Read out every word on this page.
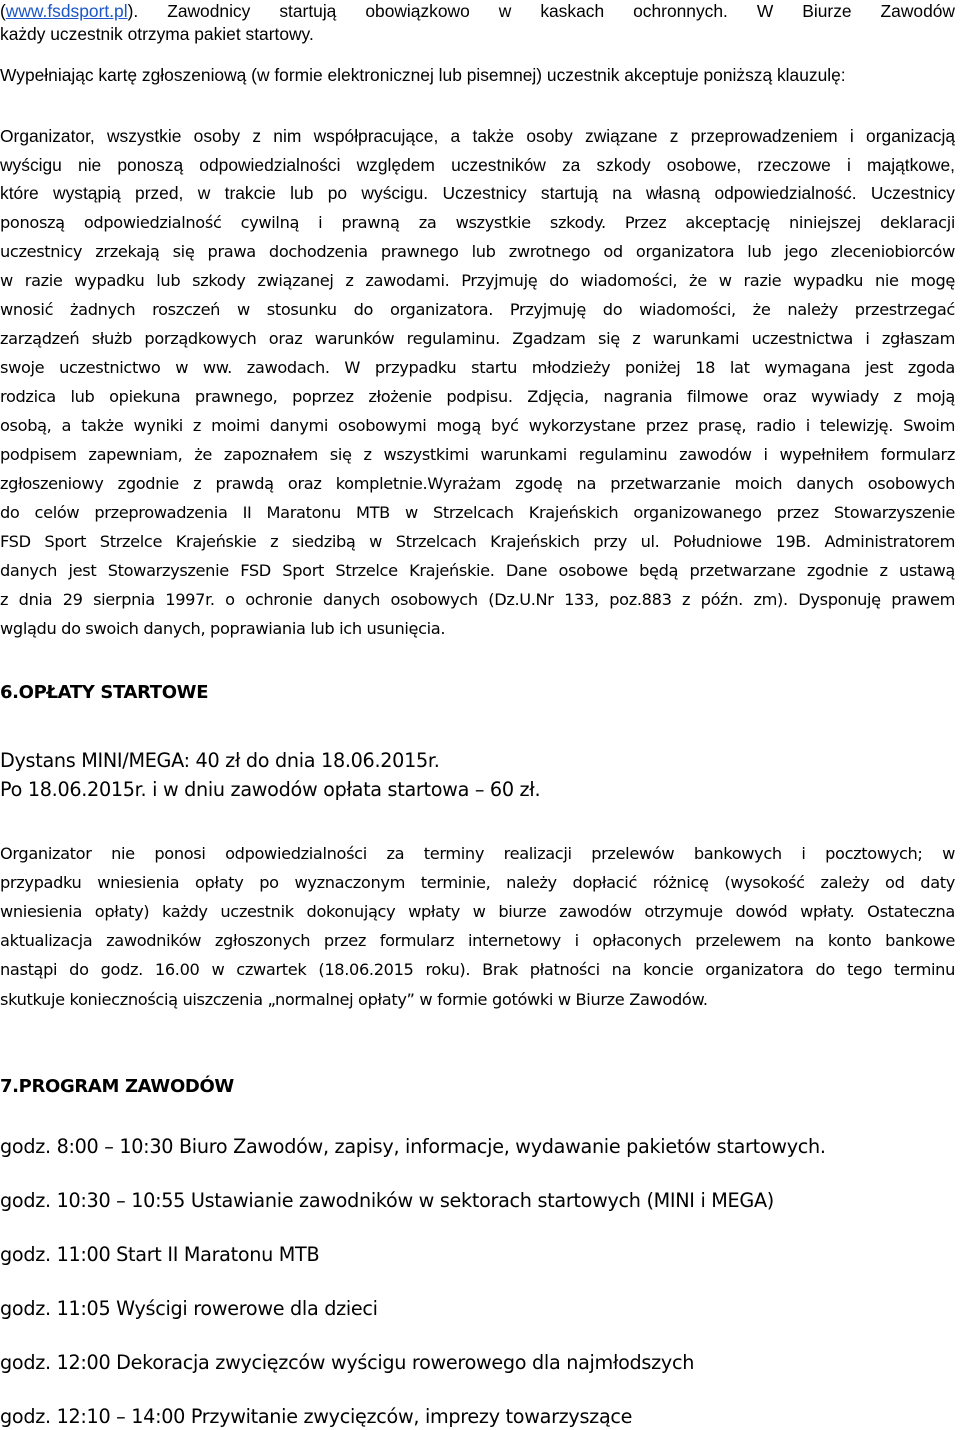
(www.fsdsport.pl). Zawodnicy startują obowiązkowo w kaskach ochronnych. W Biurze Zawodów
każdy uczestnik otrzyma pakiet startowy.
Wypełniając kartę zgłoszeniową (w formie elektronicznej lub pisemnej) uczestnik akceptuje poniższą klauzulę:
Organizator, wszystkie osoby z nim współpracujące, a także osoby związane z przeprowadzeniem i organizacją
wyścigu nie ponoszą odpowiedzialności względem uczestników za szkody osobowe, rzeczowe i majątkowe,
które wystąpią przed, w trakcie lub po wyścigu. Uczestnicy startują na własną odpowiedzialność. Uczestnicy
ponoszą odpowiedzialność cywilną i prawną za wszystkie szkody. Przez akceptację niniejszej deklaracji
uczestnicy zrzekają się prawa dochodzenia prawnego lub zwrotnego od organizatora lub jego zleceniobiorców
w razie wypadku lub szkody związanej z zawodami. Przyjmuję do wiadomości, że w razie wypadku nie mogę
wnosić żadnych roszczeń w stosunku do organizatora. Przyjmuję do wiadomości, że należy przestrzegać
zarządzeń służb porządkowych oraz warunków regulaminu. Zgadzam się z warunkami uczestnictwa i zgłaszam
swoje uczestnictwo w ww. zawodach. W przypadku startu młodzieży poniżej 18 lat wymagana jest zgoda
rodzica lub opiekuna prawnego, poprzez złożenie podpisu. Zdjęcia, nagrania filmowe oraz wywiady z moją
osobą, a także wyniki z moimi danymi osobowymi mogą być wykorzystane przez prasę, radio i telewizję. Swoim
podpisem zapewniam, że zapoznałem się z wszystkimi warunkami regulaminu zawodów i wypełniłem formularz
zgłoszeniowy zgodnie z prawdą oraz kompletnie.Wyrażam zgodę na przetwarzanie moich danych osobowych
do celów przeprowadzenia II Maratonu MTB w Strzelcach Krajeńskich organizowanego przez Stowarzyszenie
FSD Sport Strzelce Krajeńskie z siedzibą w Strzelcach Krajeńskich przy ul. Południowe 19B. Administratorem
danych jest Stowarzyszenie FSD Sport Strzelce Krajeńskie. Dane osobowe będą przetwarzane zgodnie z ustawą
z dnia 29 sierpnia 1997r. o ochronie danych osobowych (Dz.U.Nr 133, poz.883 z późn. zm). Dysponuję prawem
wglądu do swoich danych, poprawiania lub ich usunięcia.
6.OPŁATY STARTOWE
Dystans MINI/MEGA: 40 zł do dnia 18.06.2015r.
Po 18.06.2015r. i w dniu zawodów opłata startowa – 60 zł.
Organizator nie ponosi odpowiedzialności za terminy realizacji przelewów bankowych i pocztowych; w
przypadku wniesienia opłaty po wyznaczonym terminie, należy dopłacić różnicę (wysokość zależy od daty
wniesienia opłaty) każdy uczestnik dokonujący wpłaty w biurze zawodów otrzymuje dowód wpłaty. Ostateczna
aktualizacja zawodników zgłoszonych przez formularz internetowy i opłaconych przelewem na konto bankowe
nastąpi do godz. 16.00 w czwartek (18.06.2015 roku). Brak płatności na koncie organizatora do tego terminu
skutkuje koniecznością uiszczenia „normalnej opłaty” w formie gotówki w Biurze Zawodów.
7.PROGRAM ZAWODÓW
godz. 8:00 – 10:30 Biuro Zawodów, zapisy, informacje, wydawanie pakietów startowych.
godz. 10:30 – 10:55 Ustawianie zawodników w sektorach startowych (MINI i MEGA)
godz. 11:00 Start II Maratonu MTB
godz. 11:05 Wyścigi rowerowe dla dzieci
godz. 12:00 Dekoracja zwycięzców wyścigu rowerowego dla najmłodszych
godz. 12:10 – 14:00 Przywitanie zwycięzców, imprezy towarzyszące
